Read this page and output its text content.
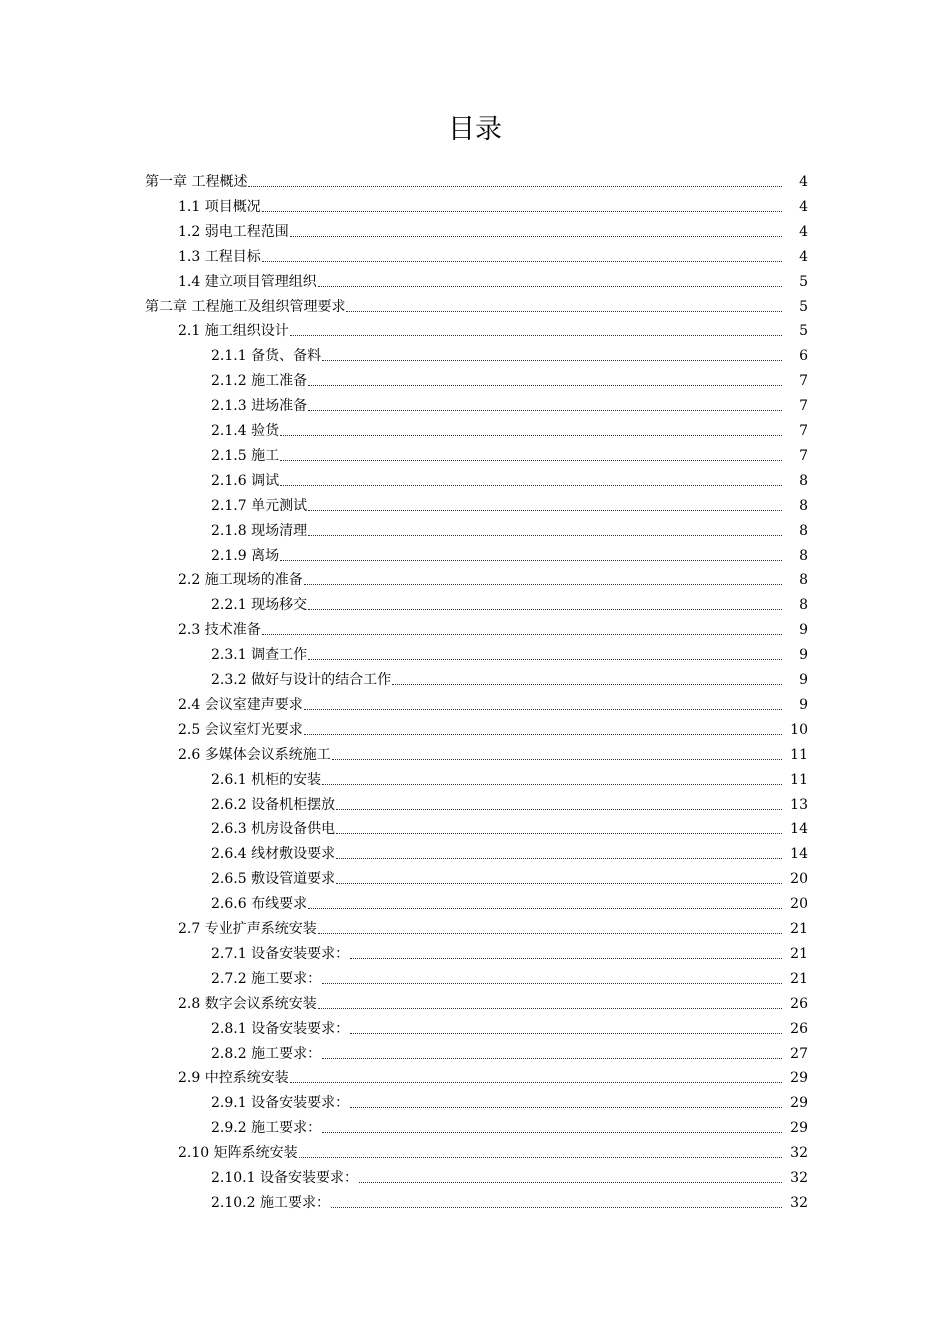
目录
第一章 工程概述	4
1.1 项目概况	4
1.2 弱电工程范围	4
1.3 工程目标	4
1.4 建立项目管理组织	5
第二章 工程施工及组织管理要求	5
2.1 施工组织设计	5
2.1.1 备货、备料	6
2.1.2 施工准备	7
2.1.3 进场准备	7
2.1.4 验货	7
2.1.5 施工	7
2.1.6 调试	8
2.1.7 单元测试	8
2.1.8 现场清理	8
2.1.9 离场	8
2.2 施工现场的准备	8
2.2.1 现场移交	8
2.3 技术准备	9
2.3.1 调查工作	9
2.3.2 做好与设计的结合工作	9
2.4 会议室建声要求	9
2.5 会议室灯光要求	10
2.6 多媒体会议系统施工	11
2.6.1 机柜的安装	11
2.6.2 设备机柜摆放	13
2.6.3 机房设备供电	14
2.6.4 线材敷设要求	14
2.6.5 敷设管道要求	20
2.6.6 布线要求	20
2.7 专业扩声系统安装	21
2.7.1 设备安装要求：	21
2.7.2 施工要求：	21
2.8 数字会议系统安装	26
2.8.1 设备安装要求：	26
2.8.2 施工要求：	27
2.9 中控系统安装	29
2.9.1 设备安装要求：	29
2.9.2 施工要求：	29
2.10 矩阵系统安装	32
2.10.1 设备安装要求：	32
2.10.2 施工要求：	32
